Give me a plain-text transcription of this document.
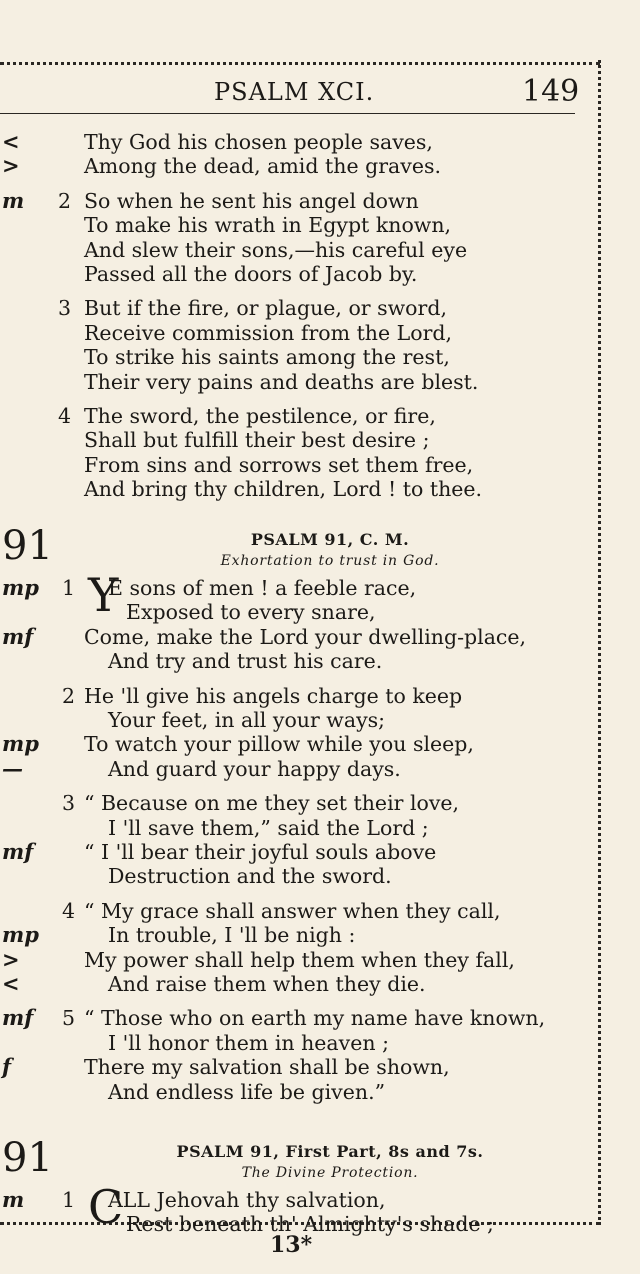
PSALM XCI.	149
<
>
Thy God his chosen people saves,
Among the dead, amid the graves.
2
m	So when he sent his angel down
To make his wrath in Egypt known,
And slew their sons,—his careful eye
Passed all the doors of Jacob by.
3 But if the fire, or plague, or sword,
Receive commission from the Lord,
To strike his saints among the rest,
Their very pains and deaths are blest.
4 The sword, the pestilence, or fire,
Shall but fulfill their best desire ;
From sins and sorrows set them free,
And bring thy children, Lord ! to thee.
91	PSALM 91, C. M.
Exhortation to trust in God.
1 Y
mp	E sons of men ! a feeble race,
Exposed to every snare,
mf Come, make the Lord your dwelling-place,
And try and trust his care.
2 He 'll give his angels charge to keep
Your feet, in all your ways;
mp To watch your pillow while you sleep,
—	And guard your happy days.
3 “ Because on me they set their love,
I 'll save them,” said the Lord ;
mf “ I 'll bear their joyful souls above
Destruction and the sword.
4 “ My grace shall answer when they call,
mp	In trouble, I 'll be nigh :
>	My power shall help them when they fall,
<	And raise them when they die.
5
mf “ Those who on earth my name have known,
I 'll honor them in heaven ;
f	There my salvation shall be shown,
And endless life be given.”
91	PSALM 91, First Part, 8s and 7s.
The Divine Protection.
1 C
m	ALL Jehovah thy salvation,
Rest beneath th' Almighty's shade ;
13*
